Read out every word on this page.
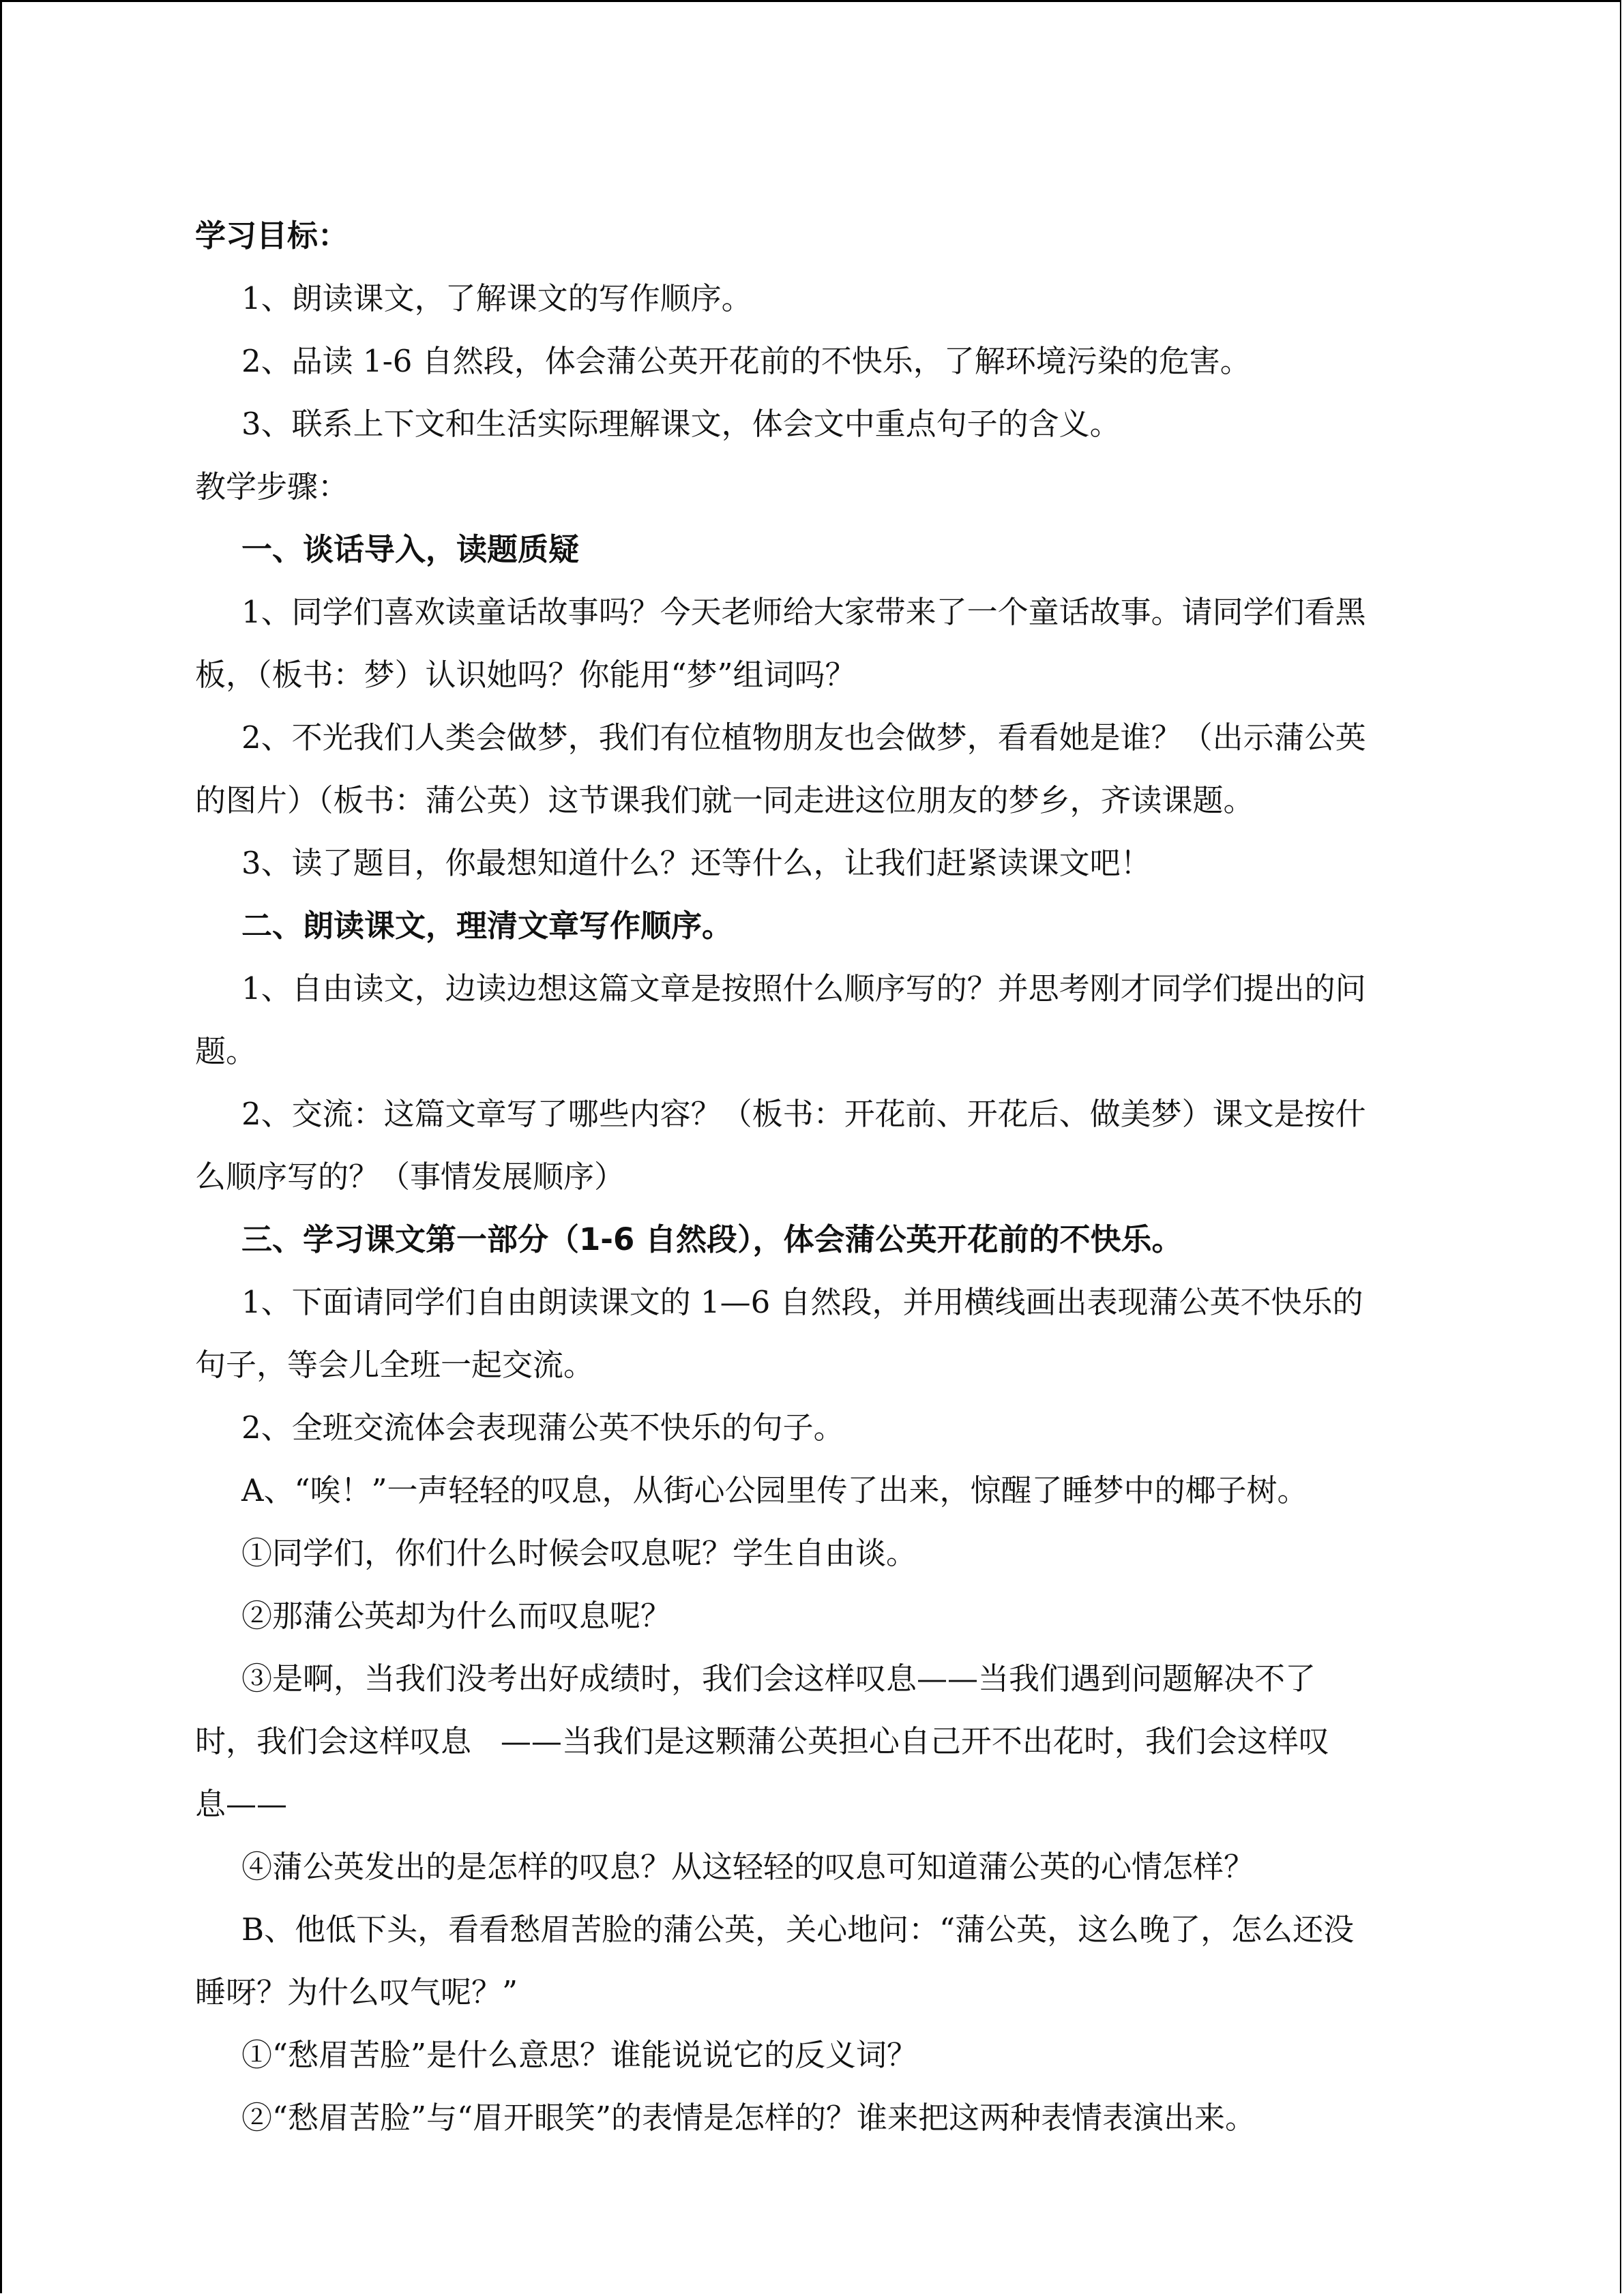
学习目标：
1、朗读课文，了解课文的写作顺序。
2、品读 1-6 自然段，体会蒲公英开花前的不快乐，了解环境污染的危害。
3、联系上下文和生活实际理解课文，体会文中重点句子的含义。
教学步骤：
一、谈话导入，读题质疑
1、同学们喜欢读童话故事吗？今天老师给大家带来了一个童话故事。请同学们看黑
板，（板书：梦）认识她吗？你能用“梦”组词吗？
2、不光我们人类会做梦，我们有位植物朋友也会做梦，看看她是谁？（出示蒲公英
的图片）（板书：蒲公英）这节课我们就一同走进这位朋友的梦乡，齐读课题。
3、读了题目，你最想知道什么？还等什么，让我们赶紧读课文吧！
二、朗读课文，理清文章写作顺序。
1、自由读文，边读边想这篇文章是按照什么顺序写的？并思考刚才同学们提出的问
题。
2、交流：这篇文章写了哪些内容？（板书：开花前、开花后、做美梦）课文是按什
么顺序写的？（事情发展顺序）
三、学习课文第一部分（1-6 自然段），体会蒲公英开花前的不快乐。
1、下面请同学们自由朗读课文的 1—6 自然段，并用横线画出表现蒲公英不快乐的
句子，等会儿全班一起交流。
2、全班交流体会表现蒲公英不快乐的句子。
A、“唉！”一声轻轻的叹息，从街心公园里传了出来，惊醒了睡梦中的椰子树。
①同学们，你们什么时候会叹息呢？学生自由谈。
②那蒲公英却为什么而叹息呢？
③是啊，当我们没考出好成绩时，我们会这样叹息——当我们遇到问题解决不了
时，我们会这样叹息   ——当我们是这颗蒲公英担心自己开不出花时，我们会这样叹
息——
④蒲公英发出的是怎样的叹息？从这轻轻的叹息可知道蒲公英的心情怎样？
B、他低下头，看看愁眉苦脸的蒲公英，关心地问：“蒲公英，这么晚了，怎么还没
睡呀？为什么叹气呢？”
①“愁眉苦脸”是什么意思？谁能说说它的反义词？
②“愁眉苦脸”与“眉开眼笑”的表情是怎样的？谁来把这两种表情表演出来。
